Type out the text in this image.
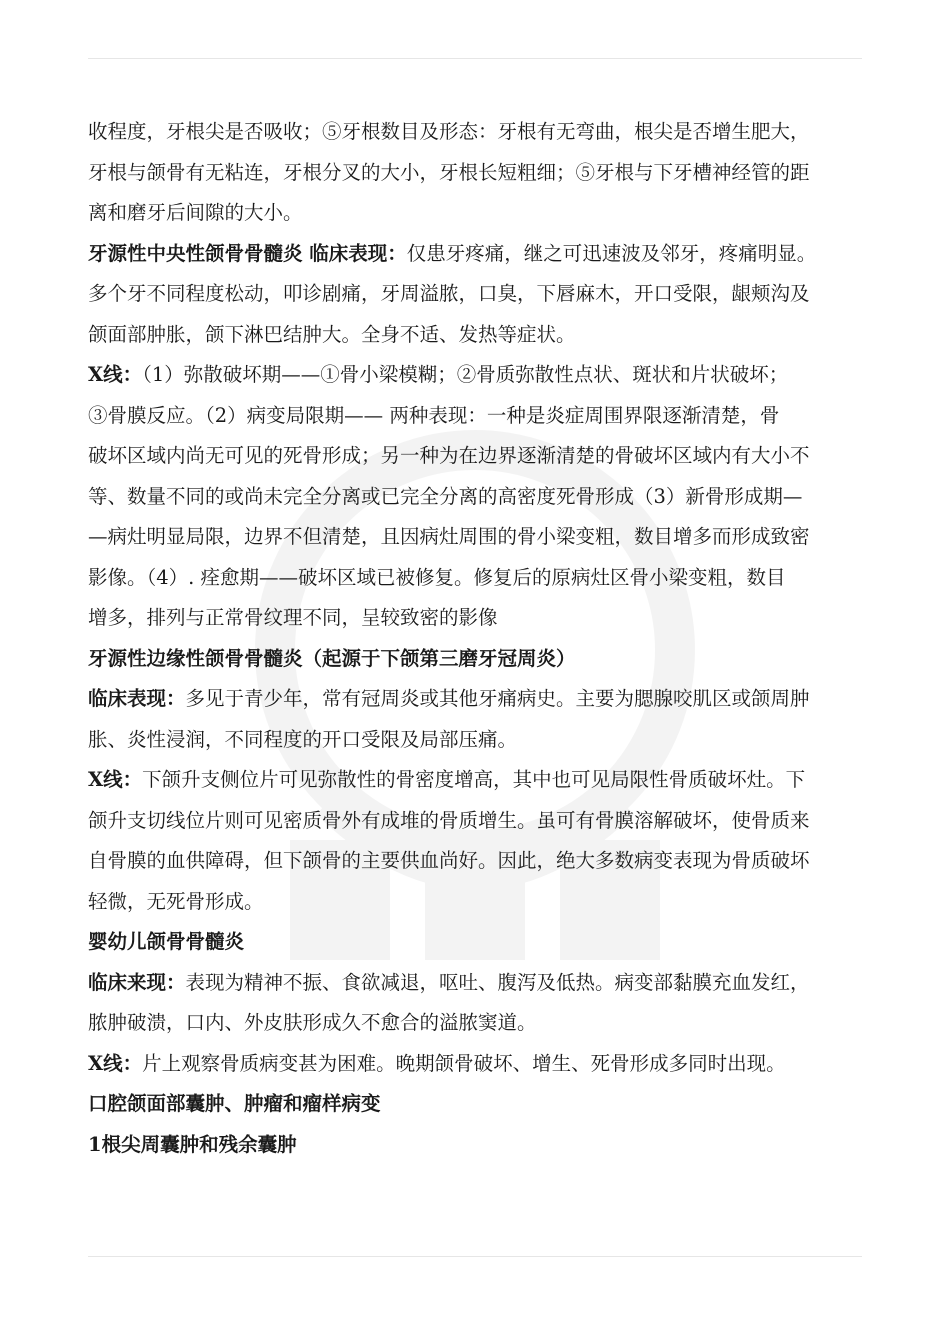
收程度，牙根尖是否吸收；⑤牙根数目及形态：牙根有无弯曲，根尖是否增生肥大，
牙根与颌骨有无粘连，牙根分叉的大小，牙根长短粗细；⑤牙根与下牙槽神经管的距
离和磨牙后间隙的大小。
牙源性中央性颌骨骨髓炎 临床表现：仅患牙疼痛，继之可迅速波及邻牙，疼痛明显。
多个牙不同程度松动，叩诊剧痛，牙周溢脓，口臭，下唇麻木，开口受限，龈颊沟及
颌面部肿胀，颌下淋巴结肿大。全身不适、发热等症状。
X线：（1）弥散破坏期——①骨小梁模糊；②骨质弥散性点状、斑状和片状破坏；
③骨膜反应。（2）病变局限期—— 两种表现：一种是炎症周围界限逐渐清楚，骨
破坏区域内尚无可见的死骨形成；另一种为在边界逐渐清楚的骨破坏区域内有大小不
等、数量不同的或尚未完全分离或已完全分离的高密度死骨形成（3）新骨形成期—
—病灶明显局限，边界不但清楚，且因病灶周围的骨小梁变粗，数目增多而形成致密
影像。（4）. 痊愈期——破坏区域已被修复。修复后的原病灶区骨小梁变粗，数目
增多，排列与正常骨纹理不同，呈较致密的影像
牙源性边缘性颌骨骨髓炎（起源于下颌第三磨牙冠周炎）
临床表现：多见于青少年，常有冠周炎或其他牙痛病史。主要为腮腺咬肌区或颌周肿
胀、炎性浸润，不同程度的开口受限及局部压痛。
X线：下颌升支侧位片可见弥散性的骨密度增高，其中也可见局限性骨质破坏灶。下
颌升支切线位片则可见密质骨外有成堆的骨质增生。虽可有骨膜溶解破坏，使骨质来
自骨膜的血供障碍，但下颌骨的主要供血尚好。因此，绝大多数病变表现为骨质破坏
轻微，无死骨形成。
婴幼儿颌骨骨髓炎
临床来现：表现为精神不振、食欲减退，呕吐、腹泻及低热。病变部黏膜充血发红，
脓肿破溃，口内、外皮肤形成久不愈合的溢脓窦道。
X线：片上观察骨质病变甚为困难。晚期颌骨破坏、增生、死骨形成多同时出现。
口腔颌面部囊肿、肿瘤和瘤样病变
1根尖周囊肿和残余囊肿
